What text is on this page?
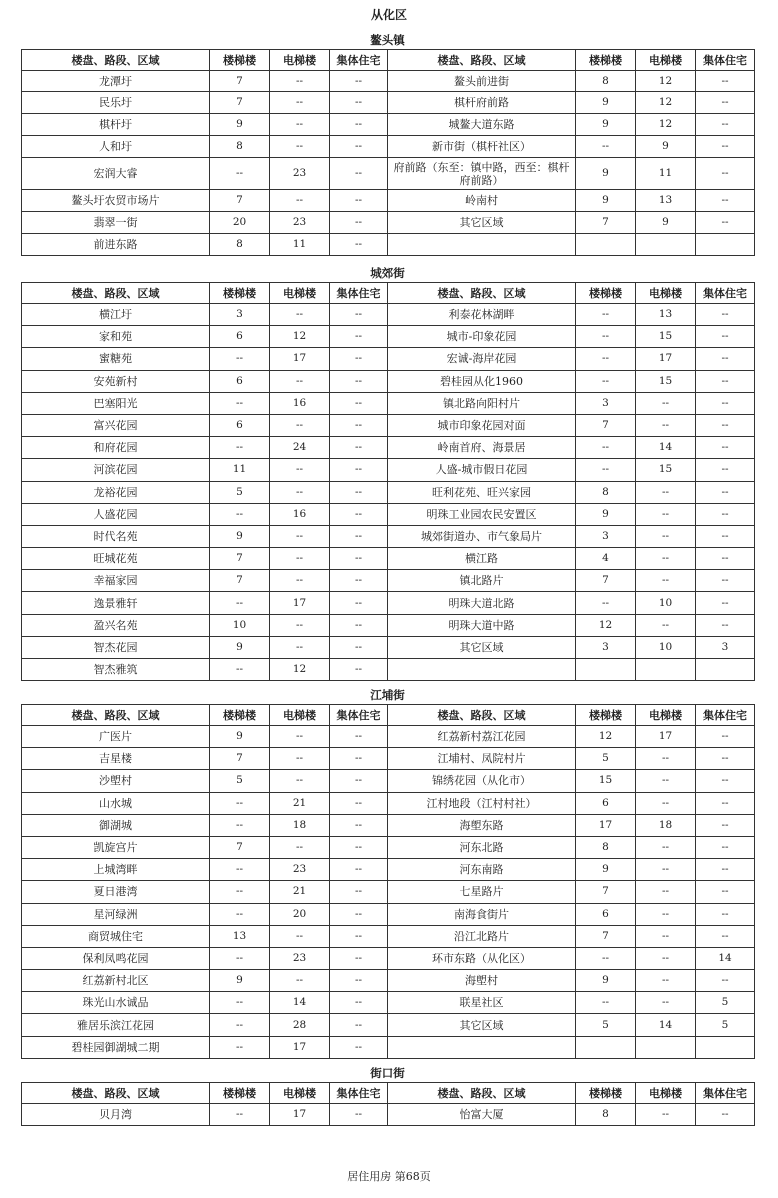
从化区
鳌头镇
楼盘、路段、区域	楼梯楼	电梯楼	集体住宅	楼盘、路段、区域	楼梯楼	电梯楼	集体住宅
龙潭圩	7	--	--	鳌头前进街	8	12	--
民乐圩	7	--	--	棋杆府前路	9	12	--
棋杆圩	9	--	--	城鳌大道东路	9	12	--
人和圩	8	--	--	新市街（棋杆社区）	--	9	--
宏润大睿	--	23	--	府前路（东至：镇中路，西至：棋杆府前路）	9	11	--
鳌头圩农贸市场片	7	--	--	岭南村	9	13	--
翡翠一街	20	23	--	其它区域	7	9	--
前进东路	8	11	--				
城郊街
楼盘、路段、区域	楼梯楼	电梯楼	集体住宅	楼盘、路段、区域	楼梯楼	电梯楼	集体住宅
横江圩	3	--	--	利泰花林湖畔	--	13	--
家和苑	6	12	--	城市-印象花园	--	15	--
蜜糖苑	--	17	--	宏诚-海岸花园	--	17	--
安苑新村	6	--	--	碧桂园从化1960	--	15	--
巴塞阳光	--	16	--	镇北路向阳村片	3	--	--
富兴花园	6	--	--	城市印象花园对面	7	--	--
和府花园	--	24	--	岭南首府、海景居	--	14	--
河滨花园	11	--	--	人盛-城市假日花园	--	15	--
龙裕花园	5	--	--	旺利花苑、旺兴家园	8	--	--
人盛花园	--	16	--	明珠工业园农民安置区	9	--	--
时代名苑	9	--	--	城郊街道办、市气象局片	3	--	--
旺城花苑	7	--	--	横江路	4	--	--
幸福家园	7	--	--	镇北路片	7	--	--
逸景雅轩	--	17	--	明珠大道北路	--	10	--
盈兴名苑	10	--	--	明珠大道中路	12	--	--
智杰花园	9	--	--	其它区域	3	10	3
智杰雅筑	--	12	--				
江埔街
楼盘、路段、区域	楼梯楼	电梯楼	集体住宅	楼盘、路段、区域	楼梯楼	电梯楼	集体住宅
广医片	9	--	--	红荔新村荔江花园	12	17	--
吉星楼	7	--	--	江埔村、凤院村片	5	--	--
沙塱村	5	--	--	锦绣花园（从化市）	15	--	--
山水城	--	21	--	江村地段（江村村社）	6	--	--
御湖城	--	18	--	海塱东路	17	18	--
凯旋宫片	7	--	--	河东北路	8	--	--
上城湾畔	--	23	--	河东南路	9	--	--
夏日港湾	--	21	--	七星路片	7	--	--
星河绿洲	--	20	--	南海食街片	6	--	--
商贸城住宅	13	--	--	沿江北路片	7	--	--
保利凤鸣花园	--	23	--	环市东路（从化区）	--	--	14
红荔新村北区	9	--	--	海塱村	9	--	--
珠光山水诚品	--	14	--	联星社区	--	--	5
雅居乐滨江花园	--	28	--	其它区域	5	14	5
碧桂园御湖城二期	--	17	--				
街口街
楼盘、路段、区域	楼梯楼	电梯楼	集体住宅	楼盘、路段、区域	楼梯楼	电梯楼	集体住宅
贝月湾	--	17	--	怡富大厦	8	--	--
居住用房 第68页
